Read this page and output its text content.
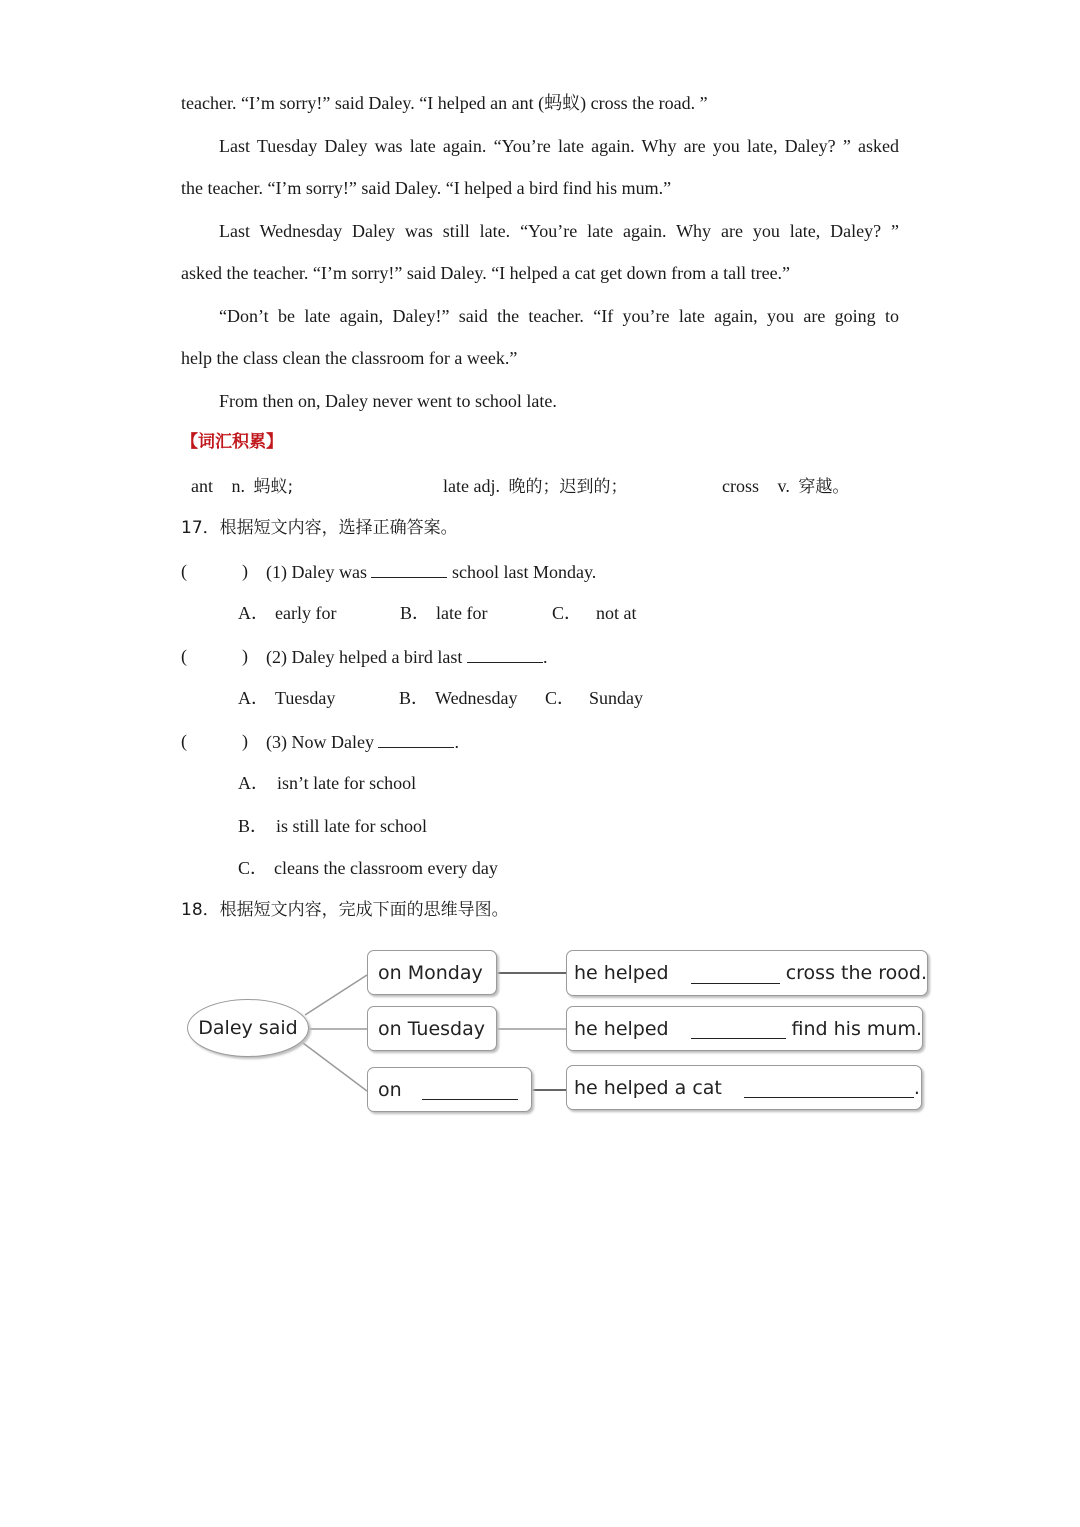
teacher. “I’m sorry!” said Daley. “I helped an ant (蚂蚁) cross the road. ”
Last Tuesday Daley was late again. “You’re late again. Why are you late, Daley? ” asked
the teacher. “I’m sorry!” said Daley. “I helped a bird find his mum.”
Last Wednesday Daley was still late. “You’re late again. Why are you late, Daley? ”
asked the teacher. “I’m sorry!” said Daley. “I helped a cat get down from a tall tree.”
“Don’t be late again, Daley!” said the teacher. “If you’re late again, you are going to
help the class clean the classroom for a week.”
From then on, Daley never went to school late.
【词汇积累】
ant n. 蚂蚁;	late adj. 晚的；迟到的；	cross v. 穿越。
17．根据短文内容，选择正确答案。
(	) (1) Daley was	school last Monday.
A． early for	B． late for	C． not at
(	) (2) Daley helped a bird last	.
A． Tuesday	B． Wednesday C． Sunday
(	) (3) Now Daley	.
A． isn’t late for school
B． is still late for school
C． cleans the classroom every day
18．根据短文内容，完成下面的思维导图。
Daley said
on Monday
on Tuesday
on
he helped	cross the rood.
he helped	find his mum.
he helped a cat	.
